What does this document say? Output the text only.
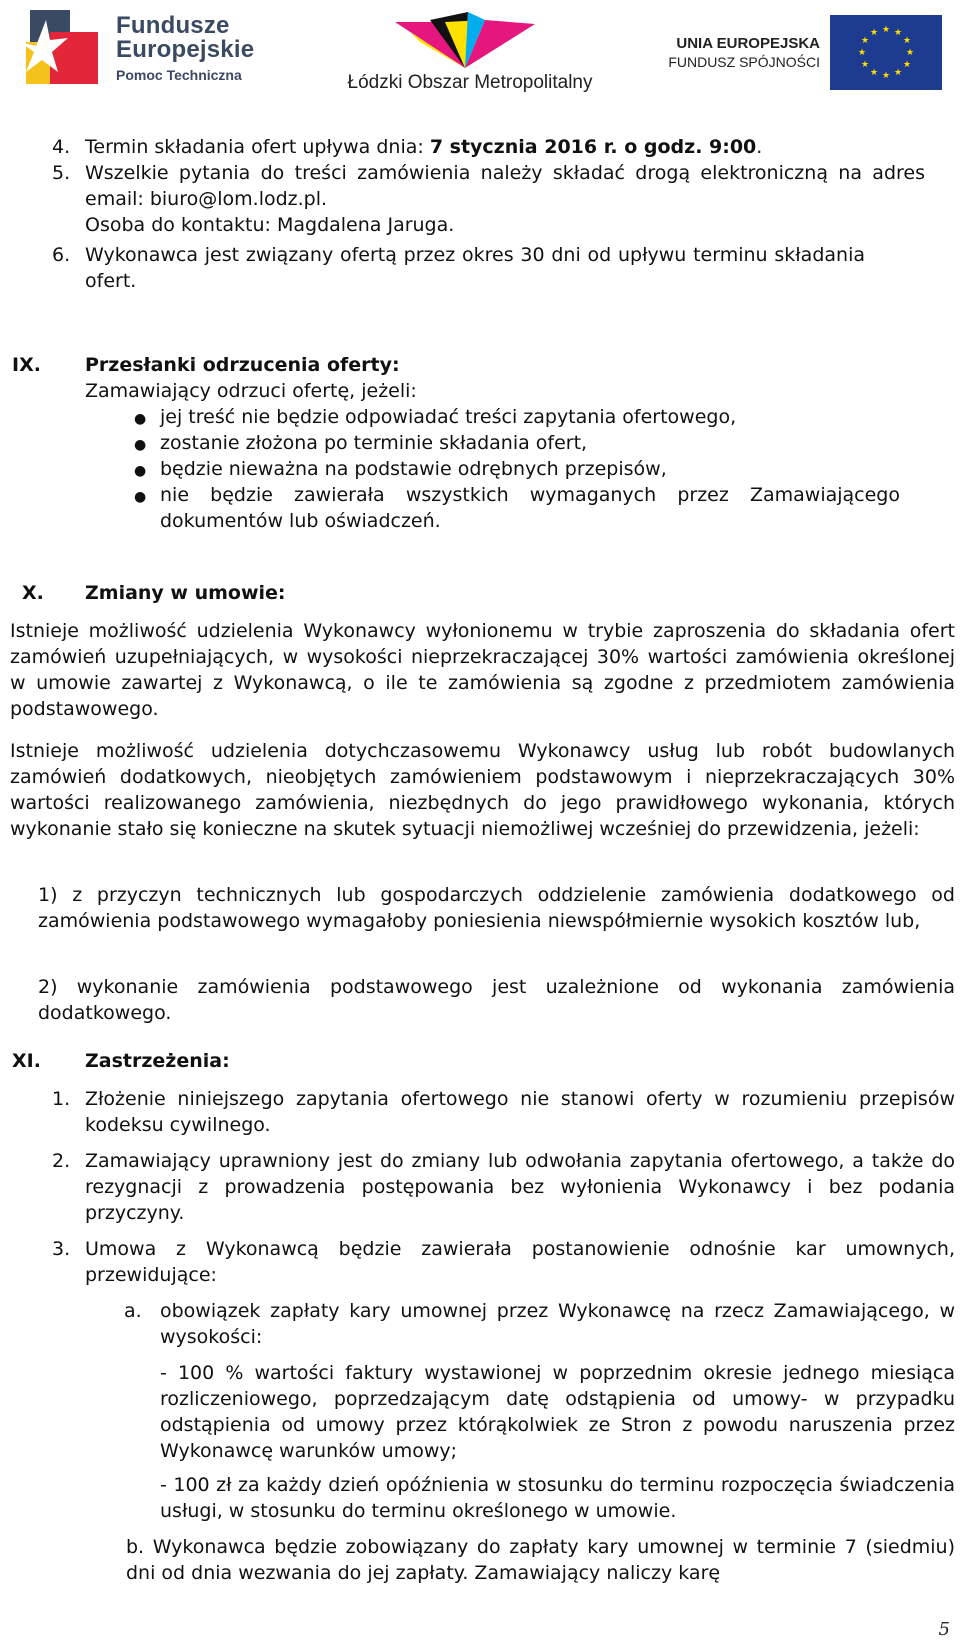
Fundusze
Europejskie
Pomoc Techniczna	Łódzki Obszar Metropolitalny
UNIA EUROPEJSKA
FUNDUSZ SPÓJNOŚCI
★ ★
★
★
★
★
★
★
★
★
★
★
4. Termin składania ofert upływa dnia: 7 stycznia 2016 r. o godz. 9:00.
5. Wszelkie pytania do treści zamówienia należy składać drogą elektroniczną na adres email: biuro@lom.lodz.pl.
Osoba do kontaktu: Magdalena Jaruga.
6. Wykonawca jest związany ofertą przez okres 30 dni od upływu terminu składania ofert.
IX. Przesłanki odrzucenia oferty:
Zamawiający odrzuci ofertę, jeżeli:
● jej treść nie będzie odpowiadać treści zapytania ofertowego,
● zostanie złożona po terminie składania ofert,
● będzie nieważna na podstawie odrębnych przepisów,
● nie będzie zawierała wszystkich wymaganych przez Zamawiającego dokumentów lub oświadczeń.
X. Zmiany w umowie:
Istnieje możliwość udzielenia Wykonawcy wyłonionemu w trybie zaproszenia do składania ofert zamówień uzupełniających, w wysokości nieprzekraczającej 30% wartości zamówienia określonej w umowie zawartej z Wykonawcą, o ile te zamówienia są zgodne z przedmiotem zamówienia podstawowego.
Istnieje możliwość udzielenia dotychczasowemu Wykonawcy usług lub robót budowlanych zamówień dodatkowych, nieobjętych zamówieniem podstawowym i nieprzekraczających 30% wartości realizowanego zamówienia, niezbędnych do jego prawidłowego wykonania, których wykonanie stało się konieczne na skutek sytuacji niemożliwej wcześniej do przewidzenia, jeżeli:
1) z przyczyn technicznych lub gospodarczych oddzielenie zamówienia dodatkowego od zamówienia podstawowego wymagałoby poniesienia niewspółmiernie wysokich kosztów lub,
2) wykonanie zamówienia podstawowego jest uzależnione od wykonania zamówienia dodatkowego.
XI. Zastrzeżenia:
1. Złożenie niniejszego zapytania ofertowego nie stanowi oferty w rozumieniu przepisów kodeksu cywilnego.
2. Zamawiający uprawniony jest do zmiany lub odwołania zapytania ofertowego, a także do rezygnacji z prowadzenia postępowania bez wyłonienia Wykonawcy i bez podania przyczyny.
3. Umowa z Wykonawcą będzie zawierała postanowienie odnośnie kar umownych, przewidujące:
a. obowiązek zapłaty kary umownej przez Wykonawcę na rzecz Zamawiającego, w wysokości:
- 100 % wartości faktury wystawionej w poprzednim okresie jednego miesiąca rozliczeniowego, poprzedzającym datę odstąpienia od umowy- w przypadku odstąpienia od umowy przez którąkolwiek ze Stron z powodu naruszenia przez Wykonawcę warunków umowy;
- 100 zł za każdy dzień opóźnienia w stosunku do terminu rozpoczęcia świadczenia usługi, w stosunku do terminu określonego w umowie.
b. Wykonawca będzie zobowiązany do zapłaty kary umownej w terminie 7 (siedmiu) dni od dnia wezwania do jej zapłaty. Zamawiający naliczy karę
5
